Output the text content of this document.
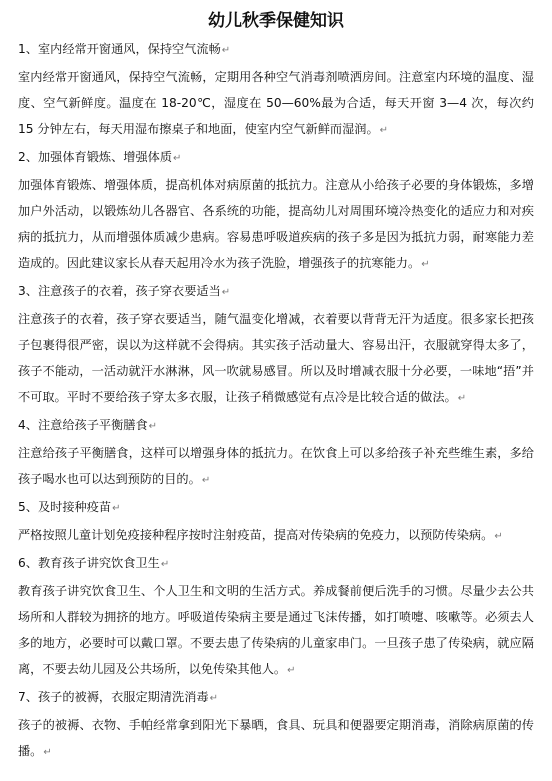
幼儿秋季保健知识

1、室内经常开窗通风，保持空气流畅↵

室内经常开窗通风，保持空气流畅，定期用各种空气消毒剂喷洒房间。注意室内环境的温度、湿度、空气新鲜度。温度在 18-20℃，湿度在 50—60%最为合适，每天开窗 3—4 次，每次约 15 分钟左右，每天用湿布擦桌子和地面，使室内空气新鲜而湿润。↵

2、加强体育锻炼、增强体质↵

加强体育锻炼、增强体质，提高机体对病原菌的抵抗力。注意从小给孩子必要的身体锻炼，多增加户外活动，以锻炼幼儿各器官、各系统的功能，提高幼儿对周围环境冷热变化的适应力和对疾病的抵抗力，从而增强体质减少患病。容易患呼吸道疾病的孩子多是因为抵抗力弱，耐寒能力差造成的。因此建议家长从春天起用冷水为孩子洗脸，增强孩子的抗寒能力。↵

3、注意孩子的衣着，孩子穿衣要适当↵

注意孩子的衣着，孩子穿衣要适当，随气温变化增减，衣着要以背背无汗为适度。很多家长把孩子包裹得很严密，误以为这样就不会得病。其实孩子活动量大、容易出汗，衣服就穿得太多了，孩子不能动，一活动就汗水淋淋，风一吹就易感冒。所以及时增减衣服十分必要，一味地“捂”并不可取。平时不要给孩子穿太多衣服，让孩子稍微感觉有点冷是比较合适的做法。↵

4、注意给孩子平衡膳食↵

注意给孩子平衡膳食，这样可以增强身体的抵抗力。在饮食上可以多给孩子补充些维生素，多给孩子喝水也可以达到预防的目的。↵

5、及时接种疫苗↵

严格按照儿童计划免疫接种程序按时注射疫苗，提高对传染病的免疫力，以预防传染病。↵

6、教育孩子讲究饮食卫生↵

教育孩子讲究饮食卫生、个人卫生和文明的生活方式。养成餐前便后洗手的习惯。尽量少去公共场所和人群较为拥挤的地方。呼吸道传染病主要是通过飞沫传播，如打喷嚏、咳嗽等。必须去人多的地方，必要时可以戴口罩。不要去患了传染病的儿童家串门。一旦孩子患了传染病，就应隔离，不要去幼儿园及公共场所，以免传染其他人。↵

7、孩子的被褥，衣服定期清洗消毒↵

孩子的被褥、衣物、手帕经常拿到阳光下暴晒，食具、玩具和便器要定期消毒，消除病原菌的传播。↵
